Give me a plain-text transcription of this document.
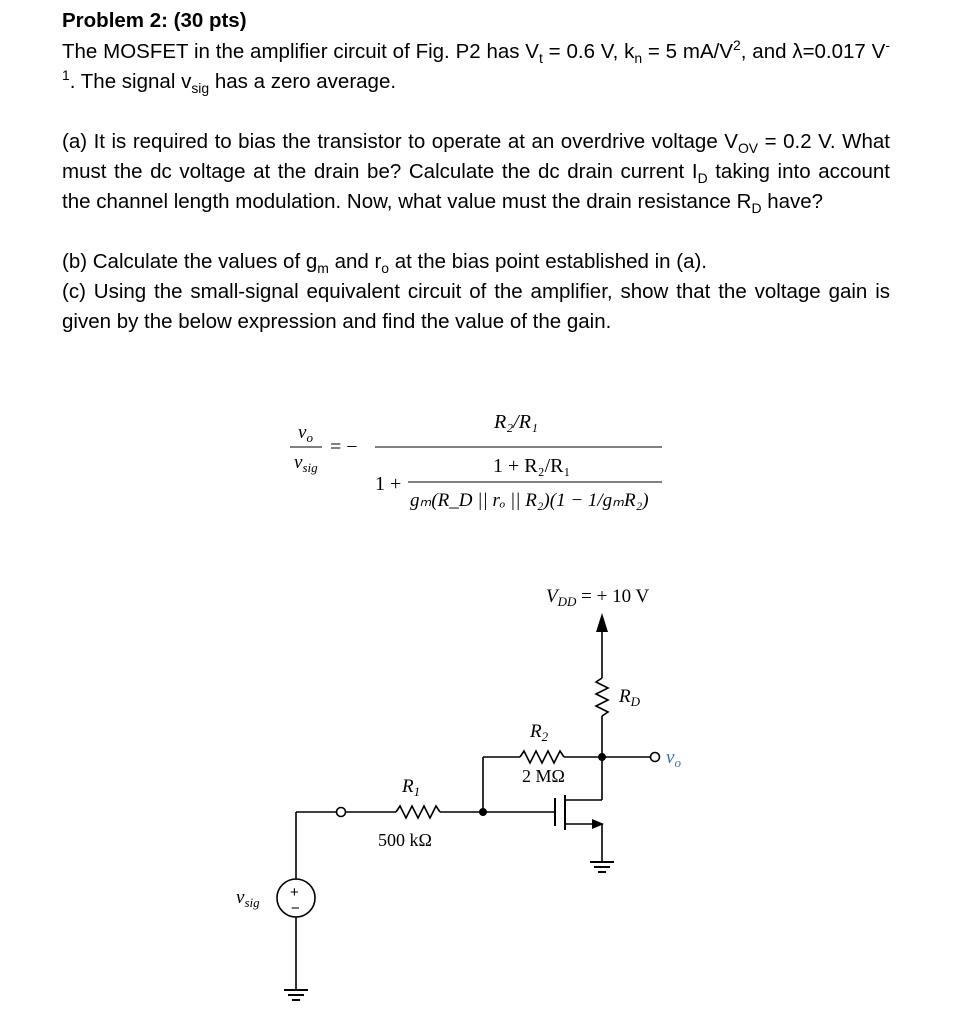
Problem 2: (30 pts)

The MOSFET in the amplifier circuit of Fig. P2 has $V_t = 0.6$ V, $k_n = 5$ $mA/V^2$, and λ=0.017 $V^{-1}$. The signal $v_{sig}$ has a zero average.

(a) It is required to bias the transistor to operate at an overdrive voltage $V_{OV} = 0.2$ V. What must the dc voltage at the drain be? Calculate the dc drain current $I_D$ taking into account the channel length modulation. Now, what value must the drain resistance $R_D$ have?

(b) Calculate the values of $g_m$ and $r_o$ at the bias point established in (a).

(c) Using the small-signal equivalent circuit of the amplifier, show that the voltage gain is given by the below expression and find the value of the gain.

$v_o$
$v_{sig}$
= −
R₂/R₁
1 + R₂/R₁
1 +
gₘ(R_D || rₒ || R₂)(1 − 1/gₘR₂)
$V_{DD}$ = + 10 V
$R_D$
$R_2$
2 MΩ
$R_1$
500 kΩ
$v_o$
$v_{sig}$
+
−
